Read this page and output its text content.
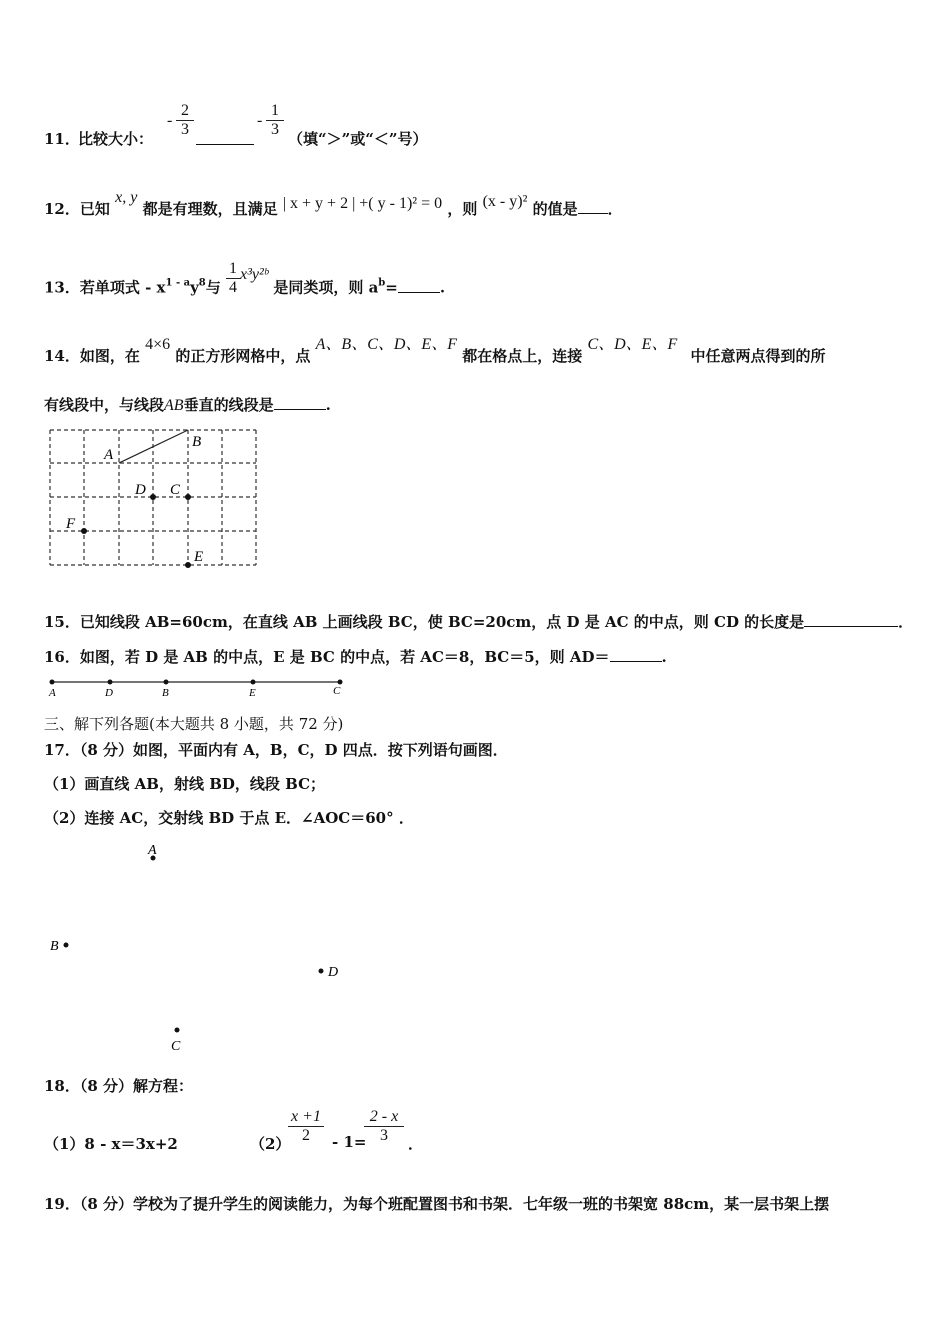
11．
比较大小：
- $\frac{2}{3}$	- $\frac{1}{3}$ （填“＞”或“＜”号）
12．已知 x, y 都是有理数，且满足 | x + y + 2 | +( y - 1)² = 0 ，则 (x - y)² 的值是 ．
13．若单项式 - $x^{1 - a}y^8$与 $\frac{1}{4}$ x³y²ᵇ 是同类项，则 $a^b=$	.
14．如图，在 4×6 的正方形网格中，点 A、B、C、D、E、F 都在格点上，连接 C、D、E、F 中任意两点得到的所
有线段中，与线段AB垂直的线段是	.
A
B
D C
F
E
15．已知线段 AB=60cm，在直线 AB 上画线段 BC，使 BC=20cm，点 D 是 AC 的中点，则 CD 的长度是	．
16．如图，若 D 是 AB 的中点，E 是 BC 的中点，若 AC＝8，BC＝5，则 AD＝	.
A	D	B	E	C
三、解下列各题(本大题共 8 小题，共 72 分)
17．（8 分）如图，平面内有 A，B，C，D 四点．按下列语句画图．
（1）画直线 AB，射线 BD，线段 BC；
（2）连接 AC，交射线 BD 于点 E．∠AOC＝60° ．
A
B
D
C
18．（8 分）解方程：
（1）8 - x＝3x+2	（2）
$\frac{x +1}{2} - 1=$
$\frac{2 - x}{3}$ ．
19．（8 分）学校为了提升学生的阅读能力，为每个班配置图书和书架．七年级一班的书架宽 88cm，某一层书架上摆
